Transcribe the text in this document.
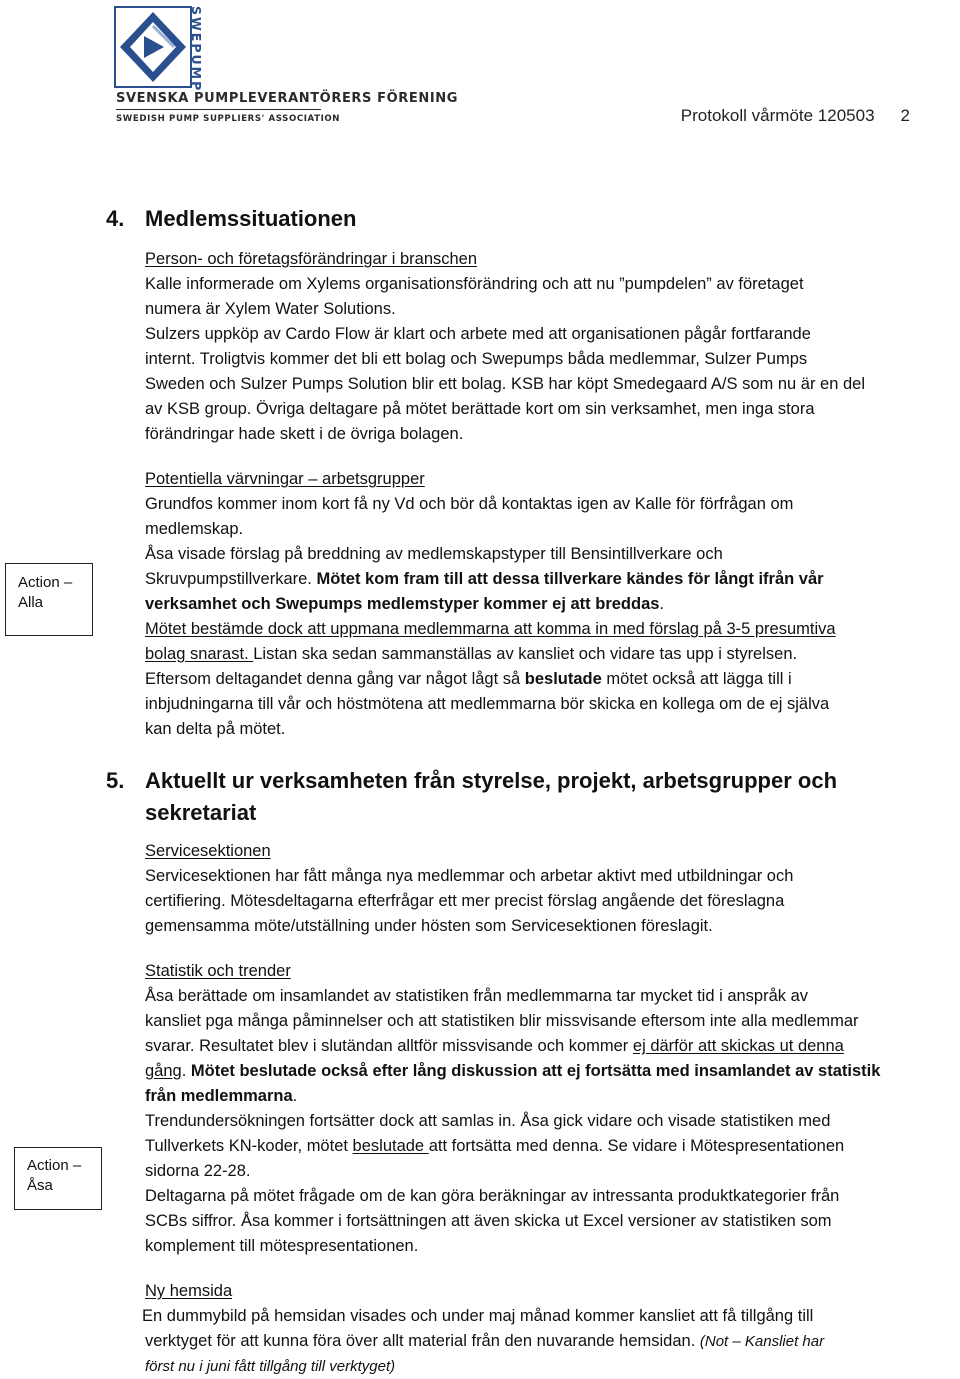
SWEPUMP
SVENSKA PUMPLEVERANTÖRERS FÖRENING
SWEDISH PUMP SUPPLIERS' ASSOCIATION	Protokoll vårmöte 120503 2
4. Medlemssituationen

Person- och företagsförändringar i branschen

Kalle informerade om Xylems organisationsförändring och att nu ”pumpdelen” av företaget

numera är Xylem Water Solutions.

Sulzers uppköp av Cardo Flow är klart och arbete med att organisationen pågår fortfarande

internt. Troligtvis kommer det bli ett bolag och Swepumps båda medlemmar, Sulzer Pumps

Sweden och Sulzer Pumps Solution blir ett bolag. KSB har köpt Smedegaard A/S som nu är en del

av KSB group. Övriga deltagare på mötet berättade kort om sin verksamhet, men inga stora

förändringar hade skett i de övriga bolagen.

Potentiella värvningar – arbetsgrupper

Grundfos kommer inom kort få ny Vd och bör då kontaktas igen av Kalle för förfrågan om

medlemskap.

Åsa visade förslag på breddning av medlemskapstyper till Bensintillverkare och

Skruvpumpstillverkare. Mötet kom fram till att dessa tillverkare kändes för långt ifrån vår

verksamhet och Swepumps medlemstyper kommer ej att breddas.

Mötet bestämde dock att uppmana medlemmarna att komma in med förslag på 3-5 presumtiva

bolag snarast. Listan ska sedan sammanställas av kansliet och vidare tas upp i styrelsen.

Eftersom deltagandet denna gång var något lågt så beslutade mötet också att lägga till i

inbjudningarna till vår och höstmötena att medlemmarna bör skicka en kollega om de ej själva

kan delta på mötet.

Action –
Alla
5. Aktuellt ur verksamheten från styrelse, projekt, arbetsgrupper och
sekretariat

Servicesektionen

Servicesektionen har fått många nya medlemmar och arbetar aktivt med utbildningar och

certifiering. Mötesdeltagarna efterfrågar ett mer precist förslag angående det föreslagna

gemensamma möte/utställning under hösten som Servicesektionen föreslagit.

Statistik och trender

Åsa berättade om insamlandet av statistiken från medlemmarna tar mycket tid i anspråk av

kansliet pga många påminnelser och att statistiken blir missvisande eftersom inte alla medlemmar

svarar. Resultatet blev i slutändan alltför missvisande och kommer ej därför att skickas ut denna

gång. Mötet beslutade också efter lång diskussion att ej fortsätta med insamlandet av statistik

från medlemmarna.

Trendundersökningen fortsätter dock att samlas in. Åsa gick vidare och visade statistiken med

Tullverkets KN-koder, mötet beslutade att fortsätta med denna. Se vidare i Mötespresentationen

sidorna 22-28.

Deltagarna på mötet frågade om de kan göra beräkningar av intressanta produktkategorier från

SCBs siffror. Åsa kommer i fortsättningen att även skicka ut Excel versioner av statistiken som

komplement till mötespresentationen.

Action –
Åsa

Ny hemsida

En dummybild på hemsidan visades och under maj månad kommer kansliet att få tillgång till

verktyget för att kunna föra över allt material från den nuvarande hemsidan. (Not – Kansliet har

först nu i juni fått tillgång till verktyget)
